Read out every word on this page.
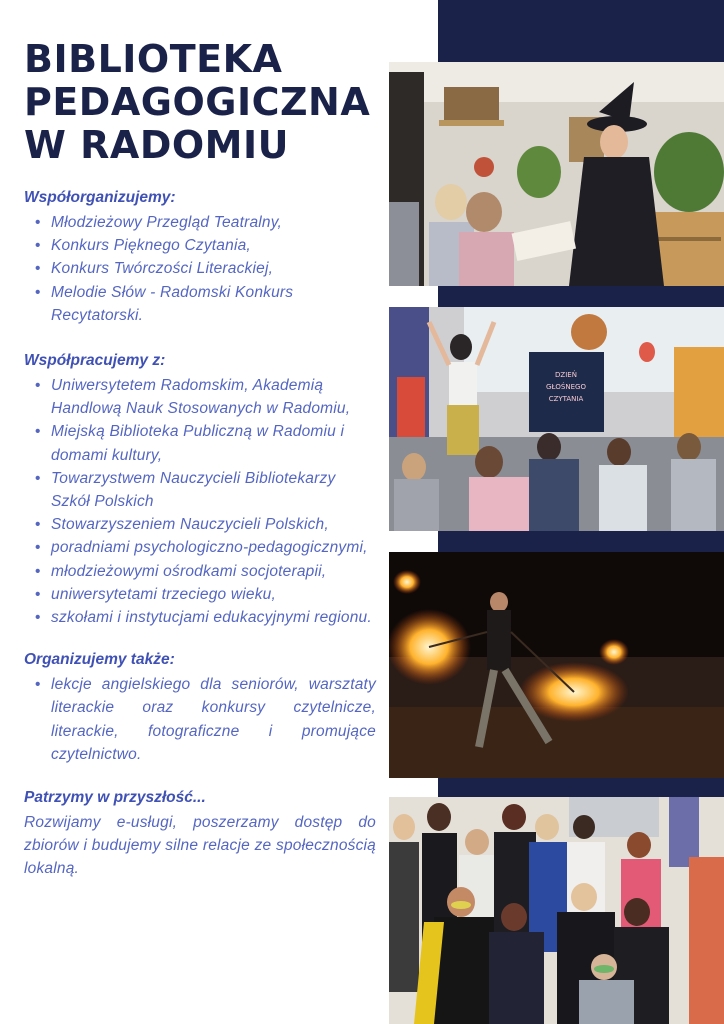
BIBLIOTEKA
PEDAGOGICZNA
W RADOMIU

Współorganizujemy:

• Młodzieżowy Przegląd Teatralny,
• Konkurs Pięknego Czytania,
• Konkurs Twórczości Literackiej,
• Melodie Słów - Radomski Konkurs Recytatorski.

Współpracujemy z:

• Uniwersytetem Radomskim, Akademią Handlową Nauk Stosowanych w Radomiu,
• Miejską Biblioteka Publiczną w Radomiu i domami kultury,
• Towarzystwem Nauczycieli Bibliotekarzy Szkół Polskich
• Stowarzyszeniem Nauczycieli Polskich,
• poradniami psychologiczno-pedagogicznymi,
• młodzieżowymi ośrodkami socjoterapii,
• uniwersytetami trzeciego wieku,
• szkołami i instytucjami edukacyjnymi regionu.

Organizujemy także:

• lekcje angielskiego dla seniorów, warsztaty literackie oraz konkursy czytelnicze, literackie, fotograficzne i promujące czytelnictwo.

Patrzymy w przyszłość...

Rozwijamy e-usługi, poszerzamy dostęp do zbiorów i budujemy silne relacje ze społecznością lokalną.

DZIEŃ
GŁOŚNEGO
CZYTANIA
